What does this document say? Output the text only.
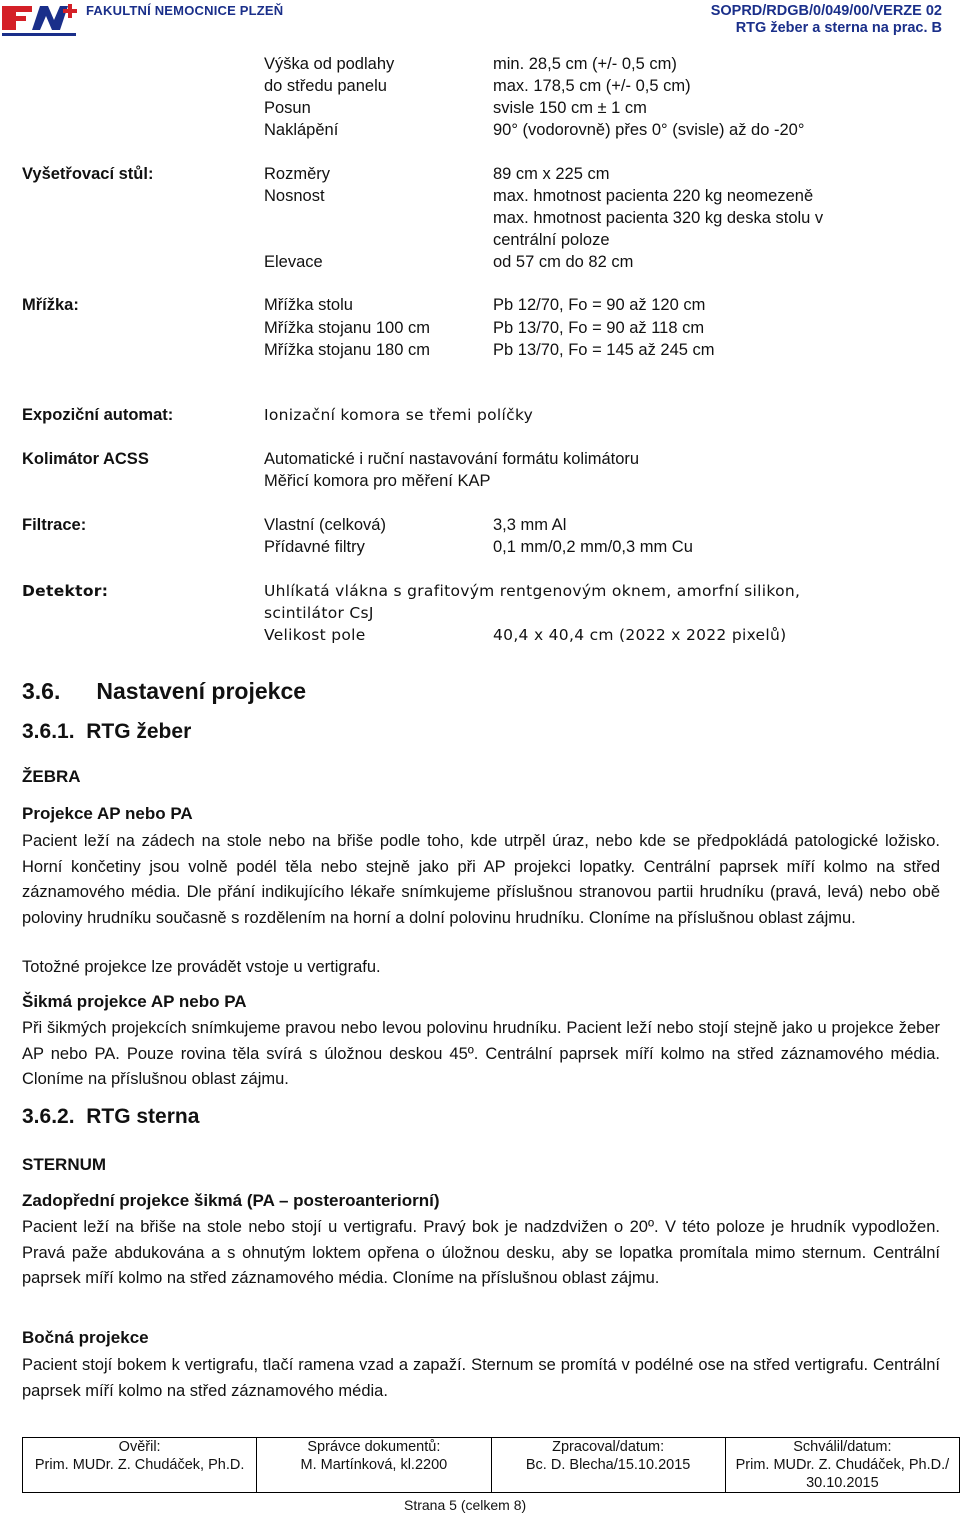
FAKULTNÍ NEMOCNICE PLZEŇ	SOPRD/RDGB/0/049/00/VERZE 02
RTG žeber a sterna na prac. B
Výška od podlahy	min. 28,5 cm (+/- 0,5 cm)
do středu panelu	max. 178,5 cm (+/- 0,5 cm)
Posun	svisle 150 cm ± 1 cm
Naklápění	90° (vodorovně) přes 0° (svisle) až do -20°
Vyšetřovací stůl:	Rozměry	89 cm x 225 cm
Nosnost	max. hmotnost pacienta 220 kg neomezeně
max. hmotnost pacienta 320 kg deska stolu v
centrální poloze
Elevace	od 57 cm do 82 cm
Mřížka:	Mřížka stolu	Pb 12/70, Fo = 90 až 120 cm
Mřížka stojanu 100 cm	Pb 13/70, Fo = 90 až 118 cm
Mřížka stojanu 180 cm	Pb 13/70, Fo = 145 až 245 cm
Expoziční automat:	Ionizační komora se třemi políčky
Kolimátor ACSS	Automatické i ruční nastavování formátu kolimátoru
Měřicí komora pro měření KAP
Filtrace:	Vlastní (celková)	3,3 mm Al
Přídavné filtry	0,1 mm/0,2 mm/0,3 mm Cu
Detektor:	Uhlíkatá vlákna s grafitovým rentgenovým oknem, amorfní silikon,
scintilátor CsJ
Velikost pole	40,4 x 40,4 cm (2022 x 2022 pixelů)
3.6. Nastavení projekce
3.6.1. RTG žeber
ŽEBRA
Projekce AP nebo PA
Pacient leží na zádech na stole nebo na břiše podle toho, kde utrpěl úraz, nebo kde se předpokládá patologické ložisko. Horní končetiny jsou volně podél těla nebo stejně jako při AP projekci lopatky. Centrální paprsek míří kolmo na střed záznamového média. Dle přání indikujícího lékaře snímkujeme příslušnou stranovou partii hrudníku (pravá, levá) nebo obě poloviny hrudníku současně s rozdělením na horní a dolní polovinu hrudníku. Cloníme na příslušnou oblast zájmu.
Totožné projekce lze provádět vstoje u vertigrafu.
Šikmá projekce AP nebo PA
Při šikmých projekcích snímkujeme pravou nebo levou polovinu hrudníku. Pacient leží nebo stojí stejně jako u projekce žeber AP nebo PA. Pouze rovina těla svírá s úložnou deskou 45º. Centrální paprsek míří kolmo na střed záznamového média. Cloníme na příslušnou oblast zájmu.
3.6.2. RTG sterna
STERNUM
Zadopřední projekce šikmá (PA – posteroanteriorní)
Pacient leží na břiše na stole nebo stojí u vertigrafu. Pravý bok je nadzdvižen o 20º. V této poloze je hrudník vypodložen. Pravá paže abdukována a s ohnutým loktem opřena o úložnou desku, aby se lopatka promítala mimo sternum. Centrální paprsek míří kolmo na střed záznamového média. Cloníme na příslušnou oblast zájmu.
Bočná projekce
Pacient stojí bokem k vertigrafu, tlačí ramena vzad a zapaží. Sternum se promítá v podélné ose na střed vertigrafu. Centrální paprsek míří kolmo na střed záznamového média.
Ověřil:
Prim. MUDr. Z. Chudáček, Ph.D.

Správce dokumentů:
M. Martínková, kl.2200

Zpracoval/datum:
Bc. D. Blecha/15.10.2015

Schválil/datum:
Prim. MUDr. Z. Chudáček, Ph.D./
30.10.2015
Strana 5 (celkem 8)
